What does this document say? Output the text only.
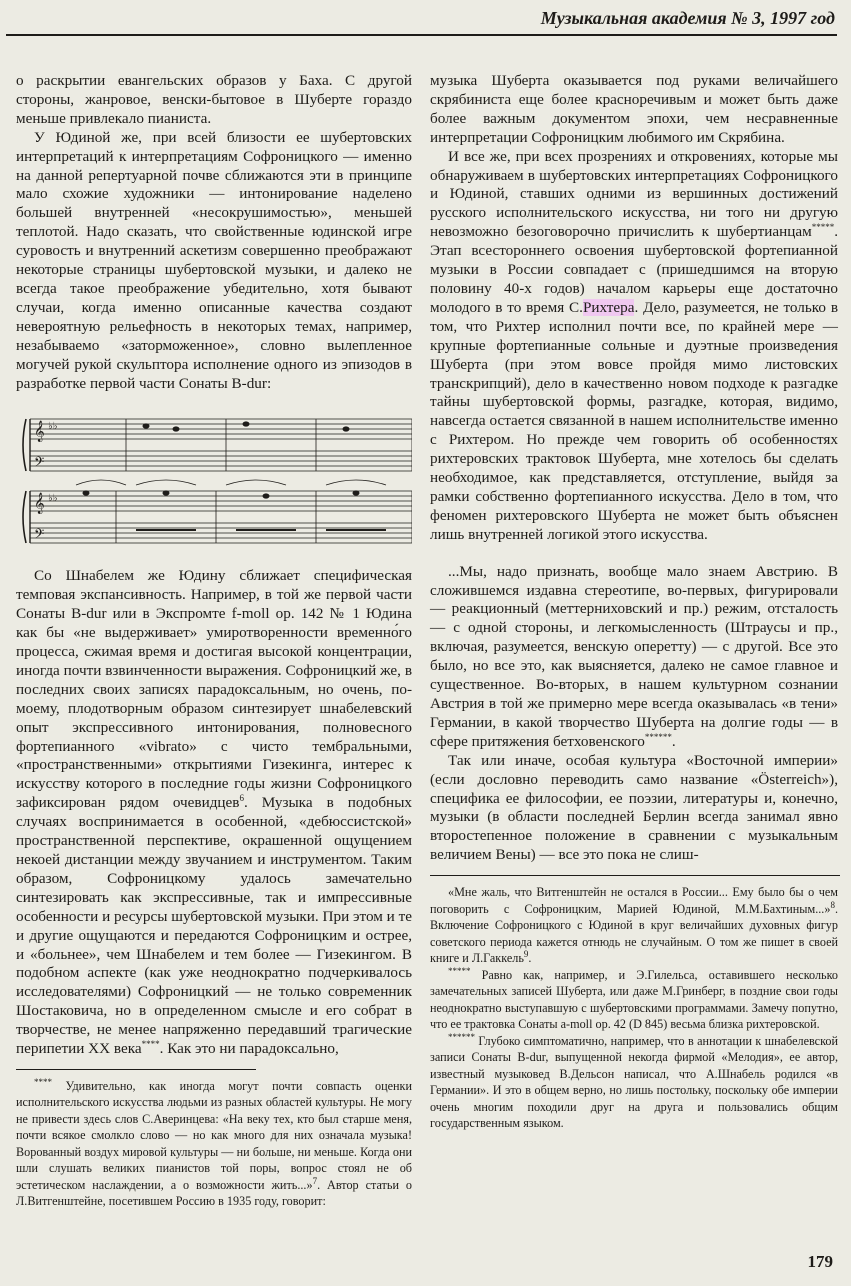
Музыкальная академия № 3, 1997 год

о раскрытии евангельских образов у Баха. С другой стороны, жанровое, венски-бытовое в Шуберте гораздо меньше привлекало пианиста.

У Юдиной же, при всей близости ее шубертовских интерпретаций к интерпретациям Софроницкого — именно на данной репертуарной почве сближаются эти в принципе мало схожие художники — интонирование наделено большей внутренней «несокрушимостью», меньшей теплотой. Надо сказать, что свойственные юдинской игре суровость и внутренний аскетизм совершенно преображают некоторые страницы шубертовской музыки, и далеко не всегда такое преображение убедительно, хотя бывают случаи, когда именно описанные качества создают невероятную рельефность в некоторых темах, например, незабываемо «заторможенное», словно вылепленное могучей рукой скульптора исполнение одного из эпизодов в разработке первой части Сонаты B-dur:

𝄞
𝄢
𝄞
𝄢
♭♭
♭♭

Со Шнабелем же Юдину сближает специфическая темповая экспансивность. Например, в той же первой части Сонаты B-dur или в Экспромте f-moll op. 142 № 1 Юдина как бы «не выдерживает» умиротворенности временно́го процесса, сжимая время и достигая высокой концентрации, иногда почти взвинченности выражения. Софроницкий же, в последних своих записях парадоксальным, но очень, по-моему, плодотворным образом синтезирует шнабелевский опыт экспрессивного интонирования, полновесного фортепианного «vibrato» с чисто тембральными, «пространственными» открытиями Гизекинга, интерес к искусству которого в последние годы жизни Софроницкого зафиксирован рядом очевидцев$^6$. Музыка в подобных случаях воспринимается в особенной, «дебюссистской» пространственной перспективе, окрашенной ощущением некоей дистанции между звучанием и инструментом. Таким образом, Софроницкому удалось замечательно синтезировать как экспрессивные, так и импрессивные особенности и ресурсы шубертовской музыки. При этом и те и другие ощущаются и передаются Софроницким и острее, и «больнее», чем Шнабелем и тем более — Гизекингом. В подобном аспекте (как уже неоднократно подчеркивалось исследователями) Софроницкий — не только современник Шостаковича, но в определенном смысле и его собрат в творчестве, не менее напряженно передавший трагические перипетии XX века****. Как это ни парадоксально,

**** Удивительно, как иногда могут почти совпасть оценки исполнительского искусства людьми из разных областей культуры. Не могу не привести здесь слов С.Аверинцева: «На веку тех, кто был старше меня, почти всякое смолкло слово — но как много для них означала музыка! Ворованный воздух мировой культуры — ни больше, ни меньше. Когда они шли слушать великих пианистов той поры, вопрос стоял не об эстетическом наслаждении, а о возможности жить...»$^7$. Автор статьи о Л.Витгенштейне, посетившем Россию в 1935 году, говорит:

музыка Шуберта оказывается под руками величайшего скрябиниста еще более красноречивым и может быть даже более важным документом эпохи, чем несравненные интерпретации Софроницким любимого им Скрябина.

И все же, при всех прозрениях и откровениях, которые мы обнаруживаем в шубертовских интерпретациях Софроницкого и Юдиной, ставших одними из вершинных достижений русского исполнительского искусства, ни того ни другую невозможно безоговорочно причислить к шубертианцам*****. Этап всестороннего освоения шубертовской фортепианной музыки в России совпадает с (пришедшимся на вторую половину 40-х годов) началом карьеры еще достаточно молодого в то время С.Рихтера. Дело, разумеется, не только в том, что Рихтер исполнил почти все, по крайней мере — крупные фортепианные сольные и дуэтные произведения Шуберта (при этом вовсе пройдя мимо листовских транскрипций), дело в качественно новом подходе к разгадке тайны шубертовской формы, разгадке, которая, видимо, навсегда остается связанной в нашем исполнительстве именно с Рихтером. Но прежде чем говорить об особенностях рихтеровских трактовок Шуберта, мне хотелось бы сделать необходимое, как представляется, отступление, выйдя за рамки собственно фортепианного искусства. Дело в том, что феномен рихтеровского Шуберта не может быть объяснен лишь внутренней логикой этого искусства.

...Мы, надо признать, вообще мало знаем Австрию. В сложившемся издавна стереотипе, во-первых, фигурировали — реакционный (меттерниховский и пр.) режим, отсталость — с одной стороны, и легкомысленность (Штраусы и пр., включая, разумеется, венскую оперетту) — с другой. Все это было, но все это, как выясняется, далеко не самое главное и существенное. Во-вторых, в нашем культурном сознании Австрия в той же примерно мере всегда оказывалась «в тени» Германии, в какой творчество Шуберта на долгие годы — в сфере притяжения бетховенского******.

Так или иначе, особая культура «Восточной империи» (если дословно переводить само название «Österreich»), специфика ее философии, ее поэзии, литературы и, конечно, музыки (в области последней Берлин всегда занимал явно второстепенное положение в сравнении с музыкальным величием Вены) — все это пока не слиш-

«Мне жаль, что Витгенштейн не остался в России... Ему было бы о чем поговорить с Софроницким, Марией Юдиной, М.М.Бахтиным...»$^8$. Включение Софроницкого с Юдиной в круг величайших духовных фигур советского периода кажется отнюдь не случайным. О том же пишет в своей книге и Л.Гаккель$^9$.

***** Равно как, например, и Э.Гилельса, оставившего несколько замечательных записей Шуберта, или даже М.Гринберг, в поздние свои годы неоднократно выступавшую с шубертовскими программами. Замечу попутно, что ее трактовка Сонаты a-moll op. 42 (D 845) весьма близка рихтеровской.

****** Глубоко симптоматично, например, что в аннотации к шнабелевской записи Сонаты B-dur, выпущенной некогда фирмой «Мелодия», ее автор, известный музыковед В.Дельсон написал, что А.Шнабель родился «в Германии». И это в общем верно, но лишь постольку, поскольку обе империи очень многим походили друг на друга и пользовались общим государственным языком.

179
